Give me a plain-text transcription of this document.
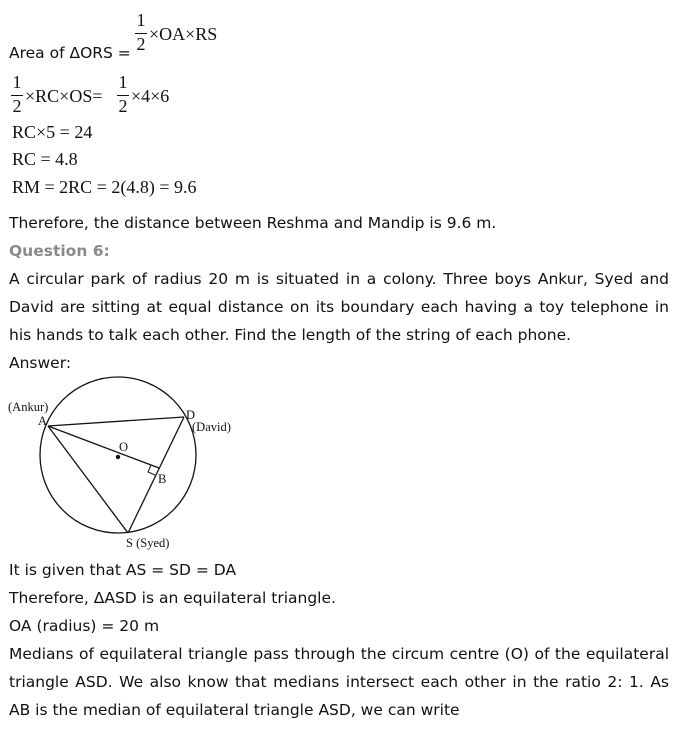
Area of ΔORS =
1
2 ×OA×RS
1
2 ×RC×OS=
1
2 ×4×6
RC×5 = 24
RC = 4.8
RM = 2RC = 2(4.8) = 9.6
Therefore, the distance between Reshma and Mandip is 9.6 m.
Question 6:
A circular park of radius 20 m is situated in a colony. Three boys Ankur, Syed and David are sitting at equal distance on its boundary each having a toy telephone in his hands to talk each other. Find the length of the string of each phone.
Answer:
(Ankur)
A	D
(David)
O
B
S (Syed)
It is given that AS = SD = DA
Therefore, ΔASD is an equilateral triangle.
OA (radius) = 20 m
Medians of equilateral triangle pass through the circum centre (O) of the equilateral triangle ASD. We also know that medians intersect each other in the ratio 2: 1. As AB is the median of equilateral triangle ASD, we can write
